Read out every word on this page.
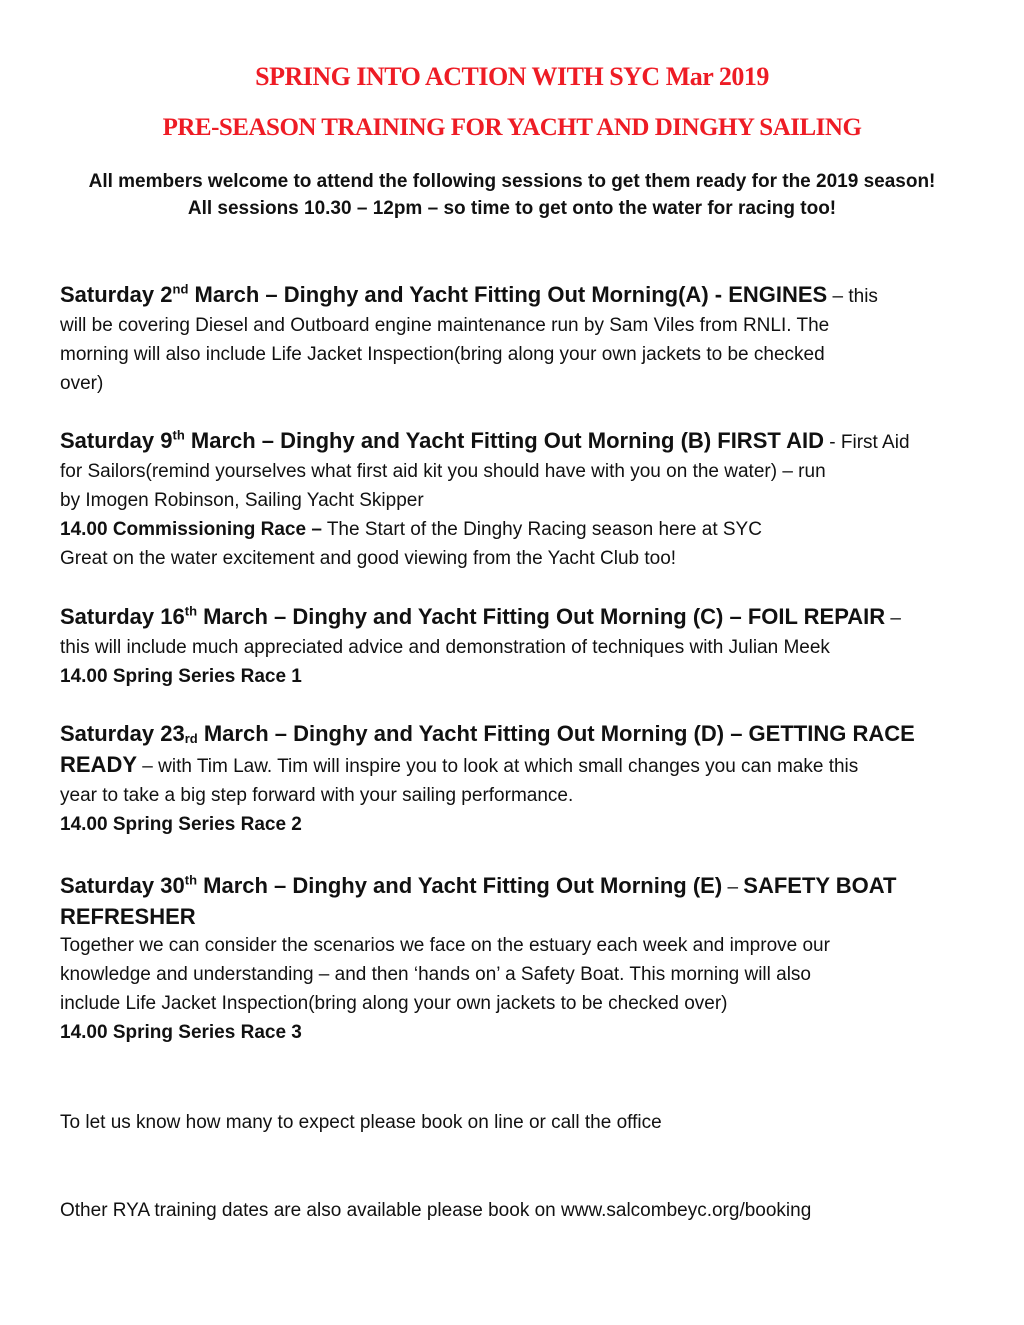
SPRING INTO ACTION WITH SYC Mar 2019
PRE-SEASON TRAINING FOR YACHT AND DINGHY SAILING
All members welcome to attend the following sessions to get them ready for the 2019 season!
All sessions 10.30 – 12pm – so time to get onto the water for racing too!
Saturday 2nd March – Dinghy and Yacht Fitting Out Morning(A) - ENGINES – this
will be covering Diesel and Outboard engine maintenance run by Sam Viles from RNLI. The
morning will also include Life Jacket Inspection(bring along your own jackets to be checked
over)
Saturday 9th March – Dinghy and Yacht Fitting Out Morning (B) FIRST AID - First Aid
for Sailors(remind yourselves what first aid kit you should have with you on the water) – run
by Imogen Robinson, Sailing Yacht Skipper
14.00 Commissioning Race – The Start of the Dinghy Racing season here at SYC
Great on the water excitement and good viewing from the Yacht Club too!
Saturday 16th March – Dinghy and Yacht Fitting Out Morning (C) – FOIL REPAIR –
this will include much appreciated advice and demonstration of techniques with Julian Meek
14.00 Spring Series Race 1
Saturday $23_{rd}$ March – Dinghy and Yacht Fitting Out Morning (D) – GETTING RACE
READY – with Tim Law. Tim will inspire you to look at which small changes you can make this
year to take a big step forward with your sailing performance.
14.00 Spring Series Race 2
Saturday 30th March – Dinghy and Yacht Fitting Out Morning (E) – SAFETY BOAT
REFRESHER
Together we can consider the scenarios we face on the estuary each week and improve our
knowledge and understanding – and then ‘hands on’ a Safety Boat. This morning will also
include Life Jacket Inspection(bring along your own jackets to be checked over)
14.00 Spring Series Race 3
To let us know how many to expect please book on line or call the office
Other RYA training dates are also available please book on www.salcombeyc.org/booking
